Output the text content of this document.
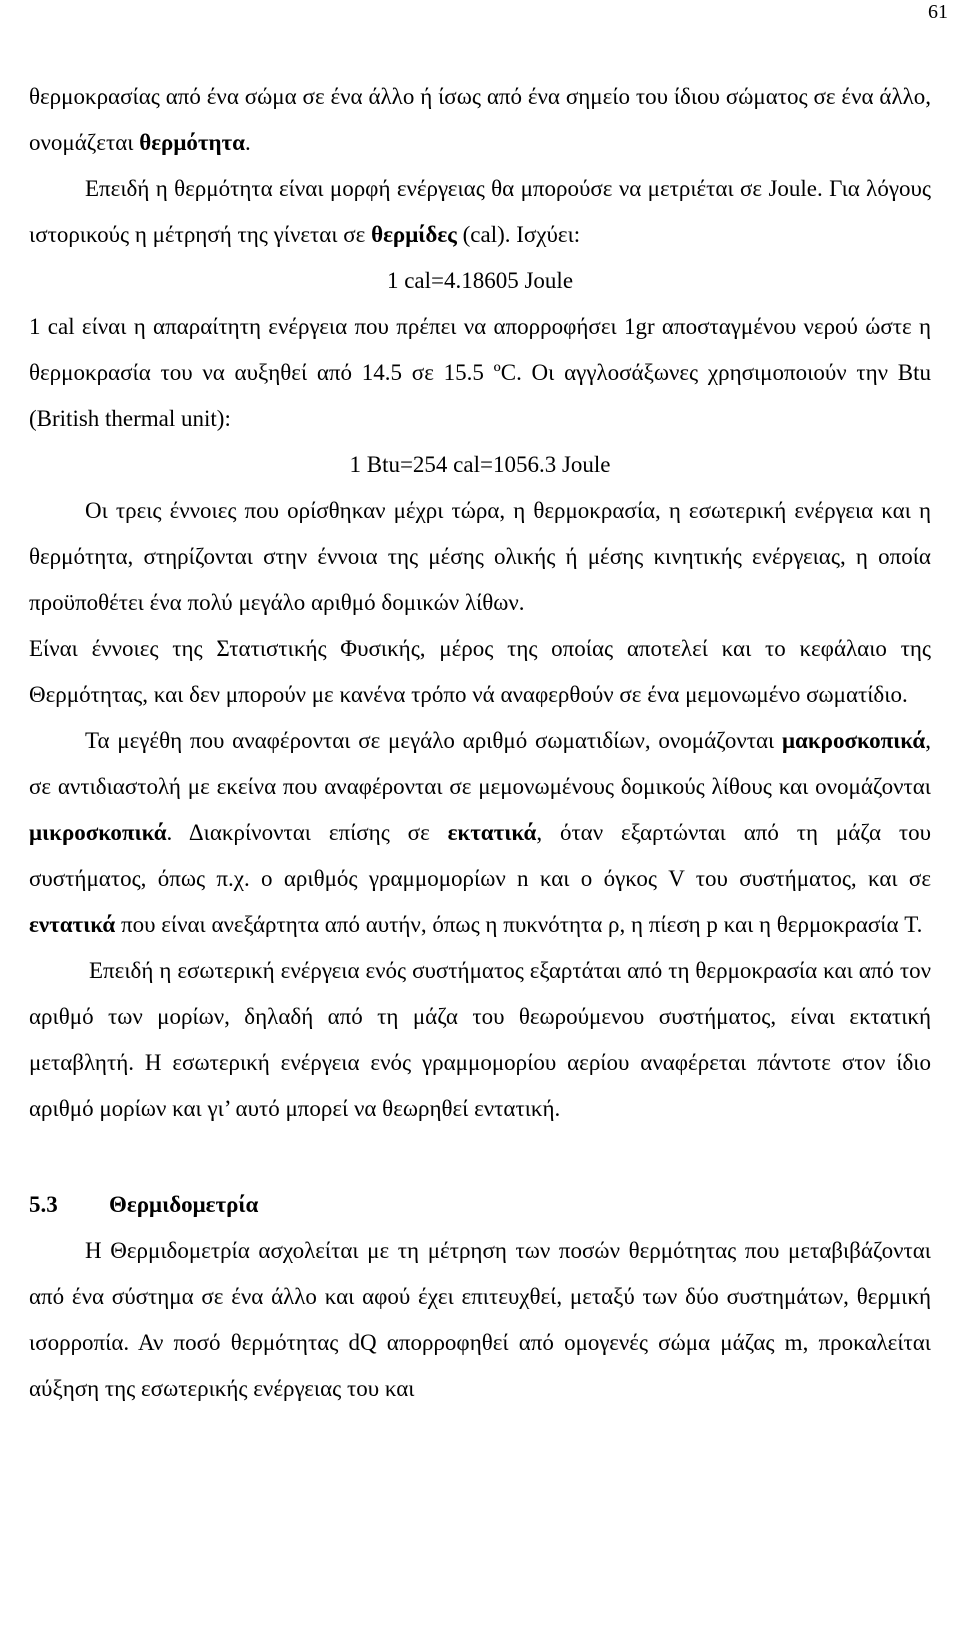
61

θερμοκρασίας από ένα σώμα σε ένα άλλο ή ίσως από ένα σημείο του ίδιου σώματος σε ένα άλλο, ονομάζεται θερμότητα.

Επειδή η θερμότητα είναι μορφή ενέργειας θα μπορούσε να μετριέται σε Joule. Για λόγους ιστορικούς η μέτρησή της γίνεται σε θερμίδες (cal). Ισχύει:

1 cal=4.18605 Joule

1 cal είναι η απαραίτητη ενέργεια που πρέπει να απορροφήσει 1gr αποσταγμένου νερού ώστε η θερμοκρασία του να αυξηθεί από 14.5 σε 15.5 ºC. Οι αγγλοσάξωνες χρησιμοποιούν την Btu (British thermal unit):

1 Btu=254 cal=1056.3 Joule

Οι τρεις έννοιες που ορίσθηκαν μέχρι τώρα, η θερμοκρασία, η εσωτερική ενέργεια και η θερμότητα, στηρίζονται στην έννοια της μέσης ολικής ή μέσης κινητικής ενέργειας, η οποία προϋποθέτει ένα πολύ μεγάλο αριθμό δομικών λίθων.

Είναι έννοιες της Στατιστικής Φυσικής, μέρος της οποίας αποτελεί και το κεφάλαιο της Θερμότητας, και δεν μπορούν με κανένα τρόπο νά αναφερθούν σε ένα μεμονωμένο σωματίδιο.

Τα μεγέθη που αναφέρονται σε μεγάλο αριθμό σωματιδίων, ονομάζονται μακροσκοπικά, σε αντιδιαστολή με εκείνα που αναφέρονται σε μεμονωμένους δομικούς λίθους και ονομάζονται μικροσκοπικά. Διακρίνονται επίσης σε εκτατικά, όταν εξαρτώνται από τη μάζα του συστήματος, όπως π.χ. ο αριθμός γραμμομορίων n και ο όγκος V του συστήματος, και σε εντατικά που είναι ανεξάρτητα από αυτήν, όπως η πυκνότητα ρ, η πίεση p και η θερμοκρασία T.

Επειδή η εσωτερική ενέργεια ενός συστήματος εξαρτάται από τη θερμοκρασία και από τον αριθμό των μορίων, δηλαδή από τη μάζα του θεωρούμενου συστήματος, είναι εκτατική μεταβλητή. Η εσωτερική ενέργεια ενός γραμμομορίου αερίου αναφέρεται πάντοτε στον ίδιο αριθμό μορίων και γι’ αυτό μπορεί να θεωρηθεί εντατική.

5.3 Θερμιδομετρία

Η Θερμιδομετρία ασχολείται με τη μέτρηση των ποσών θερμότητας που μεταβιβάζονται από ένα σύστημα σε ένα άλλο και αφού έχει επιτευχθεί, μεταξύ των δύο συστημάτων, θερμική ισορροπία. Αν ποσό θερμότητας dQ απορροφηθεί από ομογενές σώμα μάζας m, προκαλείται αύξηση της εσωτερικής ενέργειας του και
